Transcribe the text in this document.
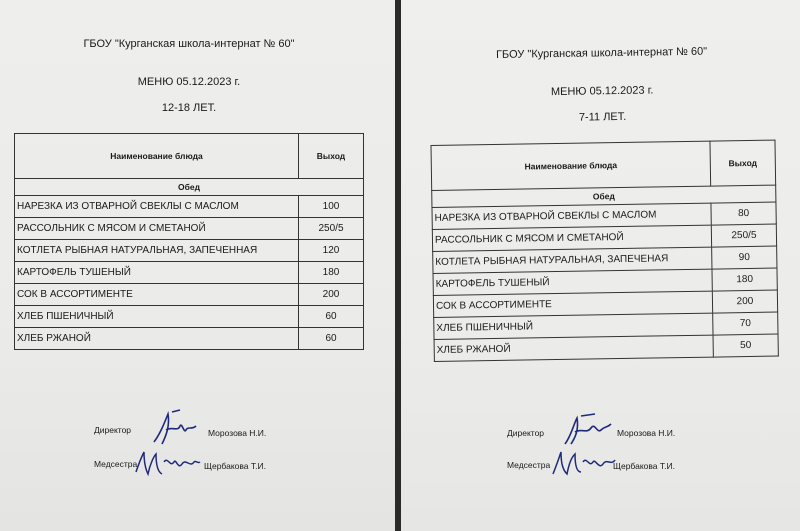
ГБОУ "Курганская школа-интернат № 60"
МЕНЮ 05.12.2023 г.
12-18 ЛЕТ.
Наименование блюда	Выход
Обед	
НАРЕЗКА ИЗ ОТВАРНОЙ СВЕКЛЫ С МАСЛОМ	100
РАССОЛЬНИК С МЯСОМ И СМЕТАНОЙ	250/5
КОТЛЕТА РЫБНАЯ НАТУРАЛЬНАЯ, ЗАПЕЧЕННАЯ	120
КАРТОФЕЛЬ ТУШЕНЫЙ	180
СОК В АССОРТИМЕНТЕ	200
ХЛЕБ ПШЕНИЧНЫЙ	60
ХЛЕБ РЖАНОЙ	60
Директор	Морозова Н.И.
Медсестра	Щербакова Т.И.
ГБОУ "Курганская школа-интернат № 60"
МЕНЮ 05.12.2023 г.
7-11 ЛЕТ.
Наименование блюда	Выход
Обед	
НАРЕЗКА ИЗ ОТВАРНОЙ СВЕКЛЫ С МАСЛОМ	80
РАССОЛЬНИК С МЯСОМ И СМЕТАНОЙ	250/5
КОТЛЕТА РЫБНАЯ НАТУРАЛЬНАЯ, ЗАПЕЧЕНАЯ	90
КАРТОФЕЛЬ ТУШЕНЫЙ	180
СОК В АССОРТИМЕНТЕ	200
ХЛЕБ ПШЕНИЧНЫЙ	70
ХЛЕБ РЖАНОЙ	50
Директор	Морозова Н.И.
Медсестра	Щербакова Т.И.
